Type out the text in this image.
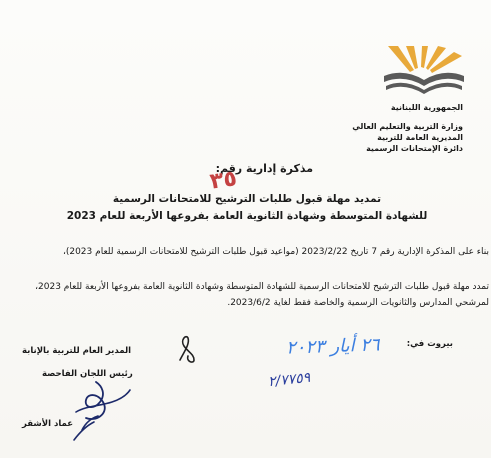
الجمهورية اللبنانية
وزارة التربية والتعليم العالي
المديرية العامة للتربية
دائرة الإمتحانات الرسمية
مذكرة إدارية رقم:
٣٥
تمديد مهلة قبول طلبات الترشيح للامتحانات الرسمية
للشهادة المتوسطة وشهادة الثانوية العامة بفروعها الأربعة للعام 2023
بناء على المذكرة الإدارية رقم 7 تاريخ 2023/2/22 (مواعيد قبول طلبات الترشيح للامتحانات الرسمية للعام 2023)،
تمدد مهلة قبول طلبات الترشيح للامتحانات الرسمية للشهادة المتوسطة وشهادة الثانوية العامة بفروعها الأربعة للعام 2023،
لمرشحي المدارس والثانويات الرسمية والخاصة فقط لغاية 2023/6/2.
بيروت في:
٢٦ أيار ٢٠٢٣
٢/٧٧٥٩
المدير العام للتربية بالإنابة
رئيس اللجان الفاحصة
عماد الأشقر
